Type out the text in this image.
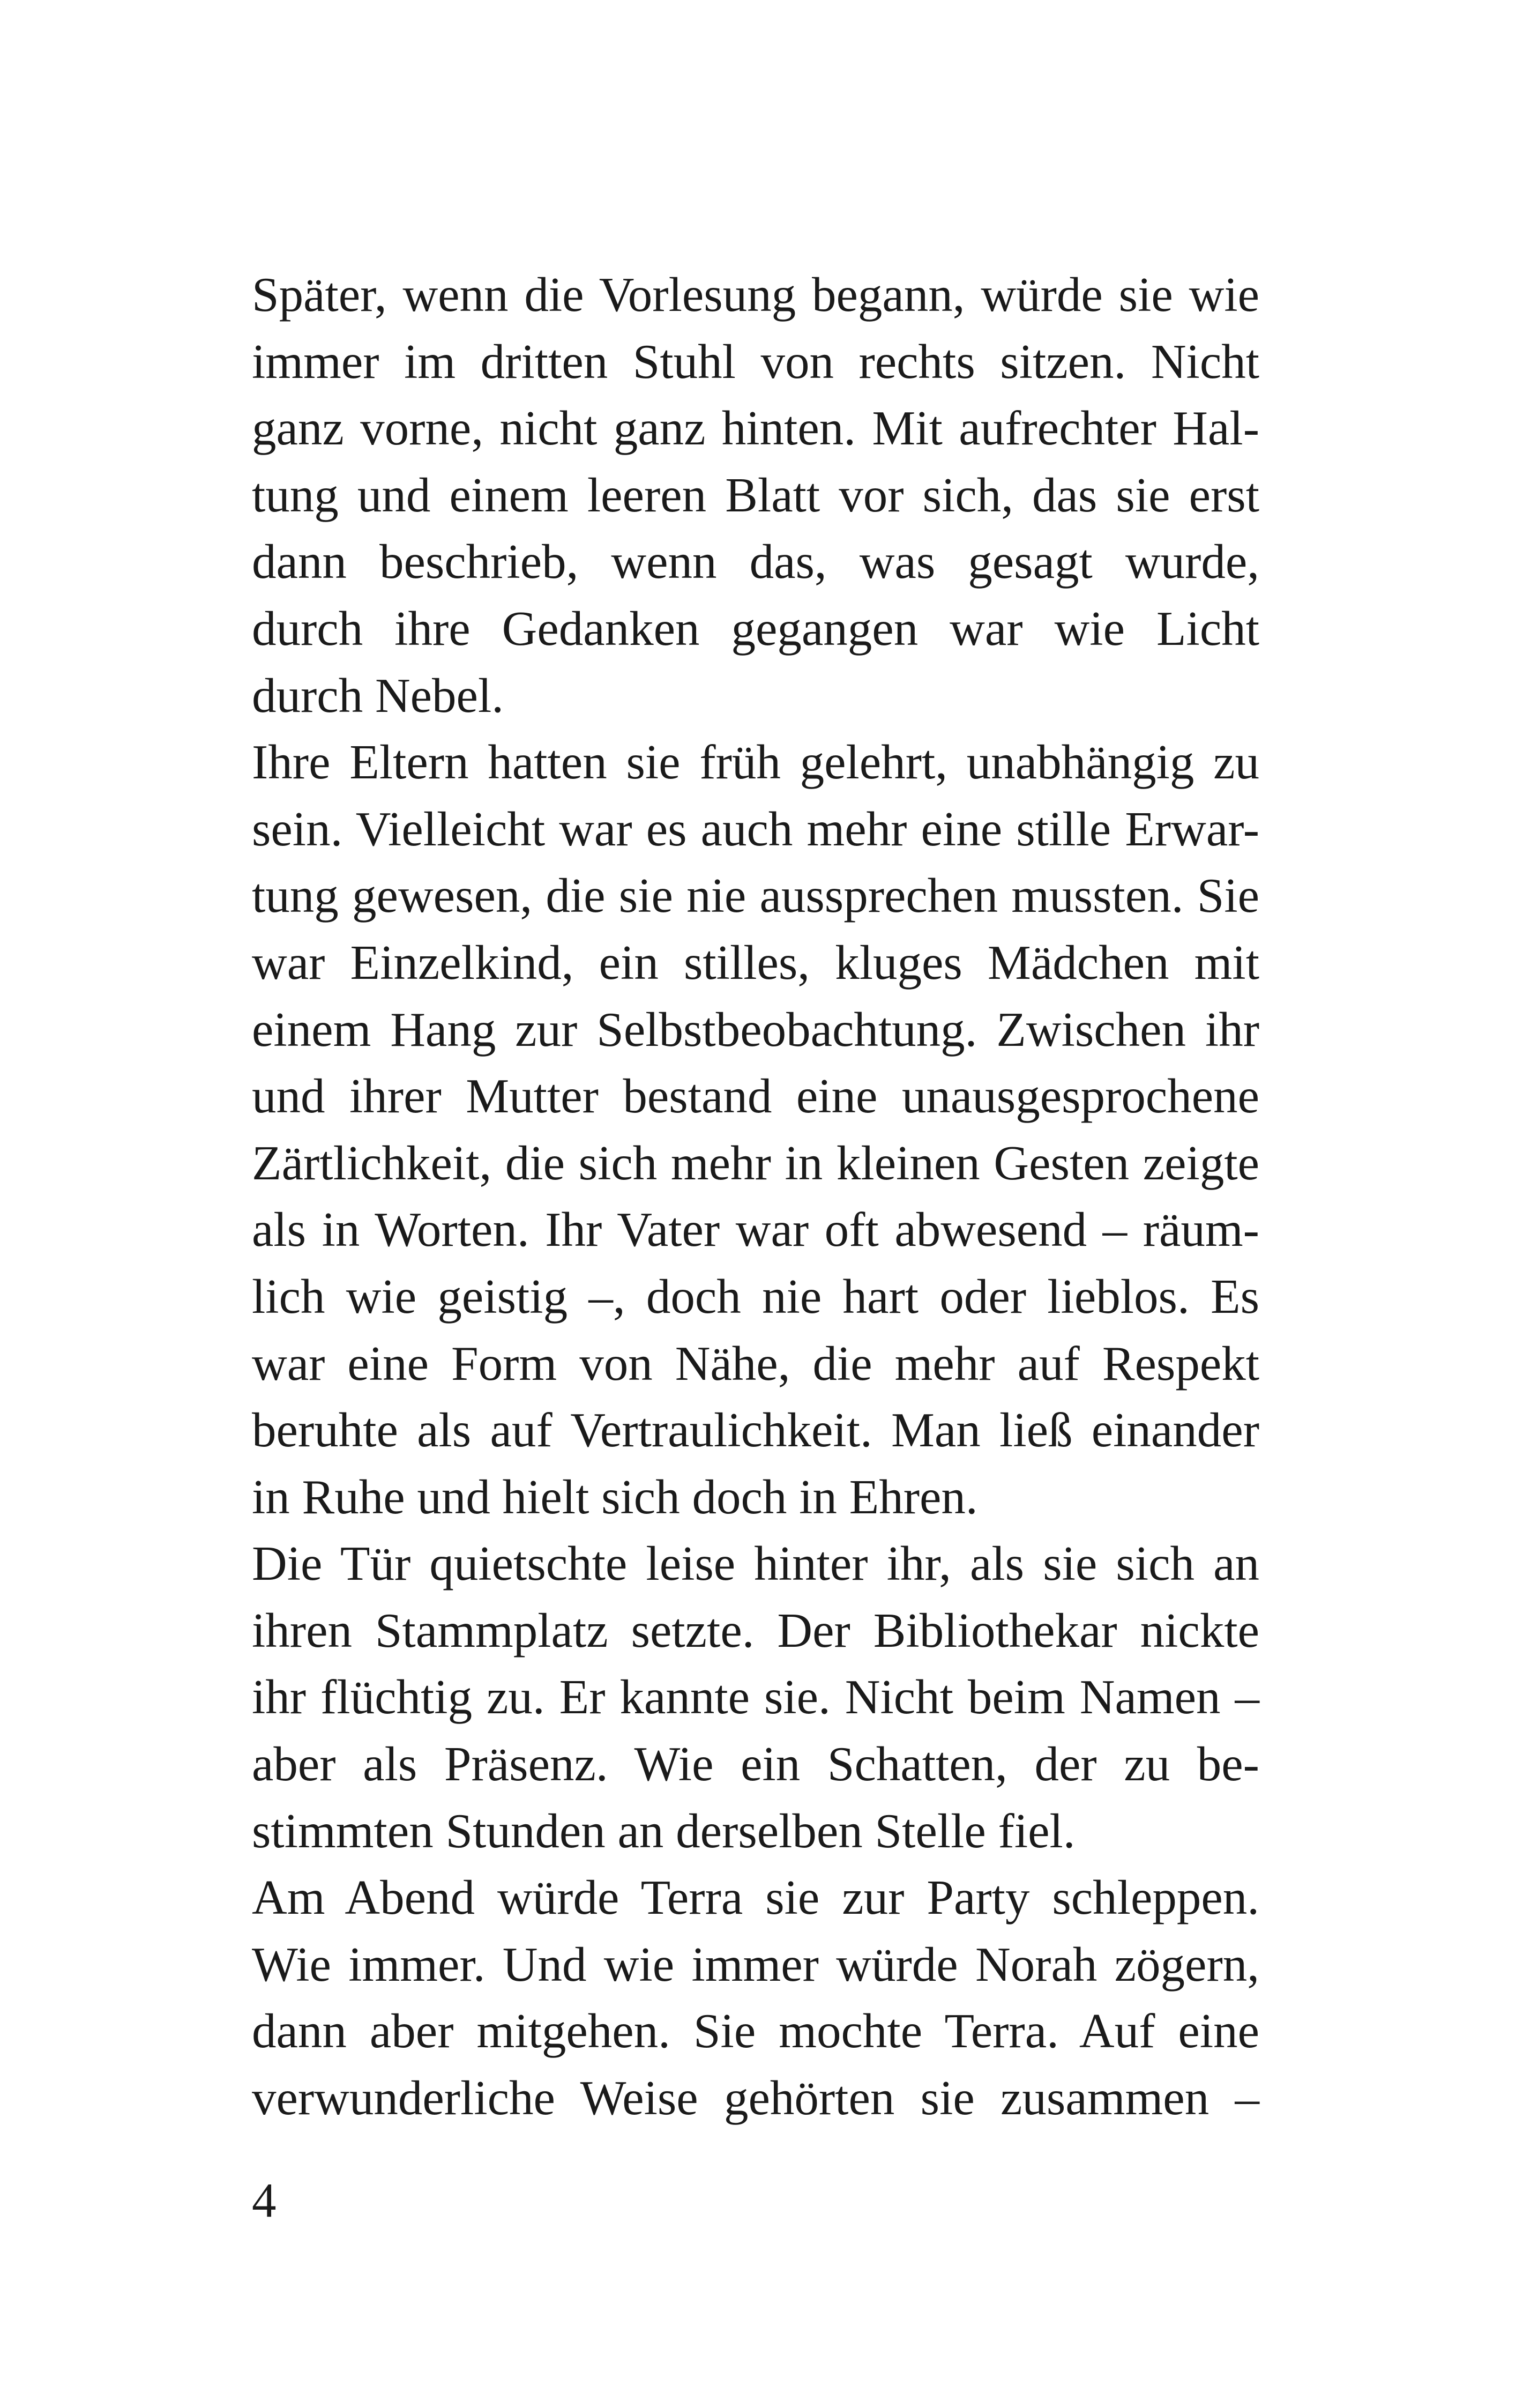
Später, wenn die Vorlesung begann, würde sie wie
immer im dritten Stuhl von rechts sitzen. Nicht
ganz vorne, nicht ganz hinten. Mit aufrechter Hal-
tung und einem leeren Blatt vor sich, das sie erst
dann beschrieb, wenn das, was gesagt wurde,
durch ihre Gedanken gegangen war wie Licht
durch Nebel.
Ihre Eltern hatten sie früh gelehrt, unabhängig zu
sein. Vielleicht war es auch mehr eine stille Erwar-
tung gewesen, die sie nie aussprechen mussten. Sie
war Einzelkind, ein stilles, kluges Mädchen mit
einem Hang zur Selbstbeobachtung. Zwischen ihr
und ihrer Mutter bestand eine unausgesprochene
Zärtlichkeit, die sich mehr in kleinen Gesten zeigte
als in Worten. Ihr Vater war oft abwesend – räum-
lich wie geistig –, doch nie hart oder lieblos. Es
war eine Form von Nähe, die mehr auf Respekt
beruhte als auf Vertraulichkeit. Man ließ einander
in Ruhe und hielt sich doch in Ehren.
Die Tür quietschte leise hinter ihr, als sie sich an
ihren Stammplatz setzte. Der Bibliothekar nickte
ihr flüchtig zu. Er kannte sie. Nicht beim Namen –
aber als Präsenz. Wie ein Schatten, der zu be-
stimmten Stunden an derselben Stelle fiel.
Am Abend würde Terra sie zur Party schleppen.
Wie immer. Und wie immer würde Norah zögern,
dann aber mitgehen. Sie mochte Terra. Auf eine
verwunderliche Weise gehörten sie zusammen –
4
